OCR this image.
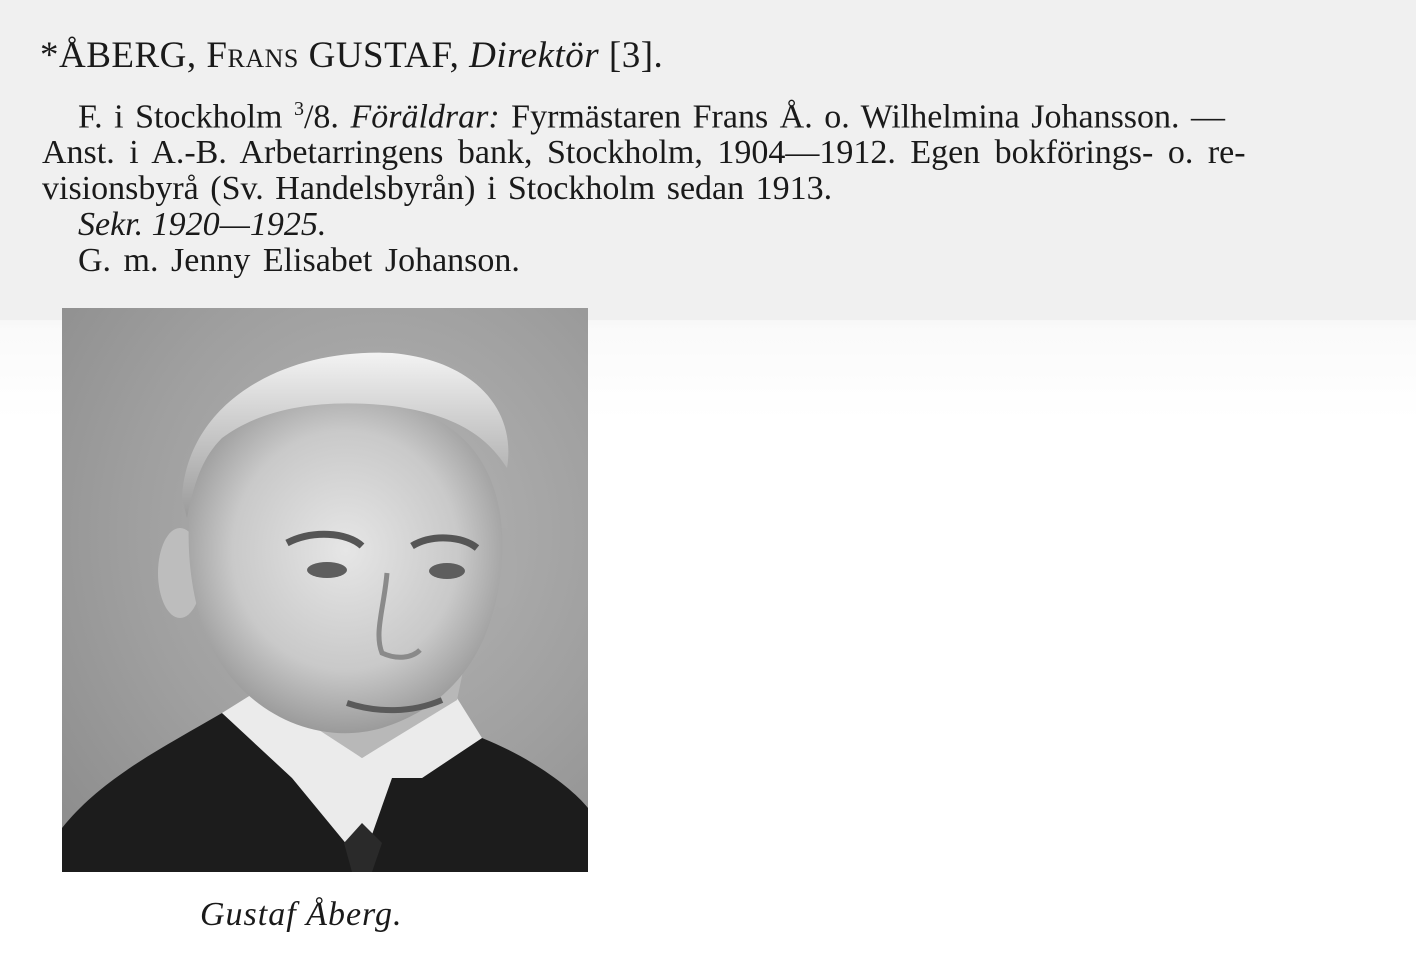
*ÅBERG, Frans GUSTAF, Direktör [3].
F. i Stockholm $^3$/8. Föräldrar: Fyrmästaren Frans Å. o. Wilhelmina Johansson. —
Anst. i A.-B. Arbetarringens bank, Stockholm, 1904—1912. Egen bokförings- o. re-
visionsbyrå (Sv. Handelsbyrån) i Stockholm sedan 1913.
Sekr. 1920—1925.
G. m. Jenny Elisabet Johanson.
Gustaf Åberg.
